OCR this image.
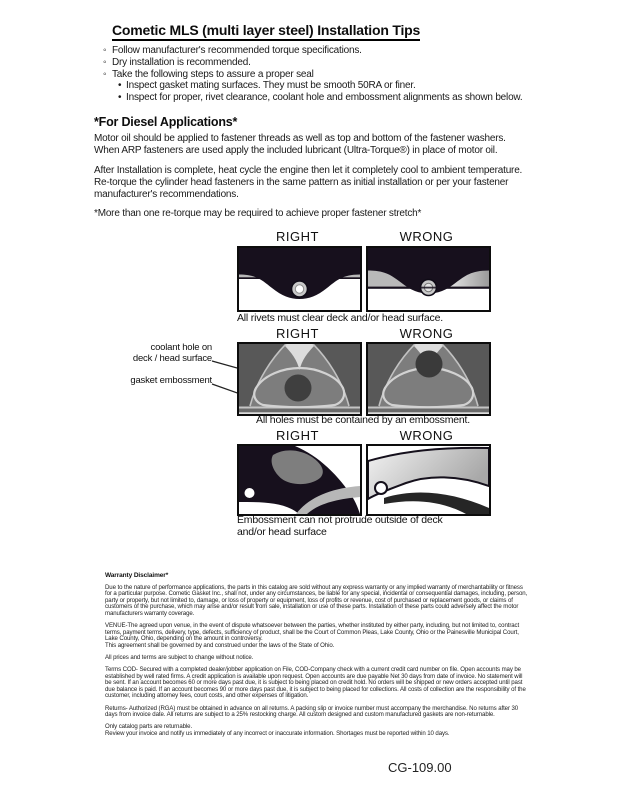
Cometic MLS (multi layer steel) Installation Tips
◦ Follow manufacturer's recommended torque specifications.
◦ Dry installation is recommended.
◦ Take the following steps to assure a proper seal
• Inspect gasket mating surfaces. They must be smooth 50RA or finer.
• Inspect for proper, rivet clearance, coolant hole and embossment alignments as shown below.
*For Diesel Applications*

Motor oil should be applied to fastener threads as well as top and bottom of the fastener washers. When ARP fasteners are used apply the included lubricant (Ultra-Torque®) in place of motor oil.

After Installation is complete, heat cycle the engine then let it completely cool to ambient temperature. Re-torque the cylinder head fasteners in the same pattern as initial installation or per your fastener manufacturer's recommendations.

*More than one re-torque may be required to achieve proper fastener stretch*

RIGHT	WRONG
All rivets must clear deck and/or head surface.
RIGHT	WRONG
coolant hole on
deck / head surface
gasket embossment
All holes must be contained by an embossment.
RIGHT	WRONG
Embossment can not protrude outside of deck
and/or head surface
Warranty Disclaimer*

Due to the nature of performance applications, the parts in this catalog are sold without any express warranty or any implied warranty of merchantability or fitness for a particular purpose. Cometic Gasket Inc., shall not, under any circumstances, be liable for any special, incidental or consequential damages, including, person, party or property, but not limited to, damage, or loss of property or equipment, loss of profits or revenue, cost of purchased or replacement goods, or claims of customers of the purchase, which may arise and/or result from sale, installation or use of these parts. Installation of these parts could adversely affect the motor manufacturers warranty coverage.

VENUE-The agreed upon venue, in the event of dispute whatsoever between the parties, whether instituted by either party, including, but not limited to, contract terms, payment terms, delivery, type, defects, sufficiency of product, shall be the Court of Common Pleas, Lake County, Ohio or the Painesville Municipal Court, Lake County, Ohio, depending on the amount in controversy.
This agreement shall be governed by and construed under the laws of the State of Ohio.

All prices and terms are subject to change without notice.

Terms COD- Secured with a completed dealer/jobber application on File, COD-Company check with a current credit card number on file. Open accounts may be established by well rated firms. A credit application is available upon request. Open accounts are due payable Net 30 days from date of invoice. No statement will be sent. If an account becomes 60 or more days past due, it is subject to being placed on credit hold. No orders will be shipped or new orders accepted until past due balance is paid. If an account becomes 90 or more days past due, it is subject to being placed for collections. All costs of collection are the responsibility of the customer, including attorney fees, court costs, and other expenses of litigation.

Returns- Authorized (RGA) must be obtained in advance on all returns. A packing slip or invoice number must accompany the merchandise. No returns after 30 days from invoice date. All returns are subject to a 25% restocking charge. All custom designed and custom manufactured gaskets are non-returnable.

Only catalog parts are returnable.
Review your invoice and notify us immediately of any incorrect or inaccurate information. Shortages must be reported within 10 days.

CG-109.00
